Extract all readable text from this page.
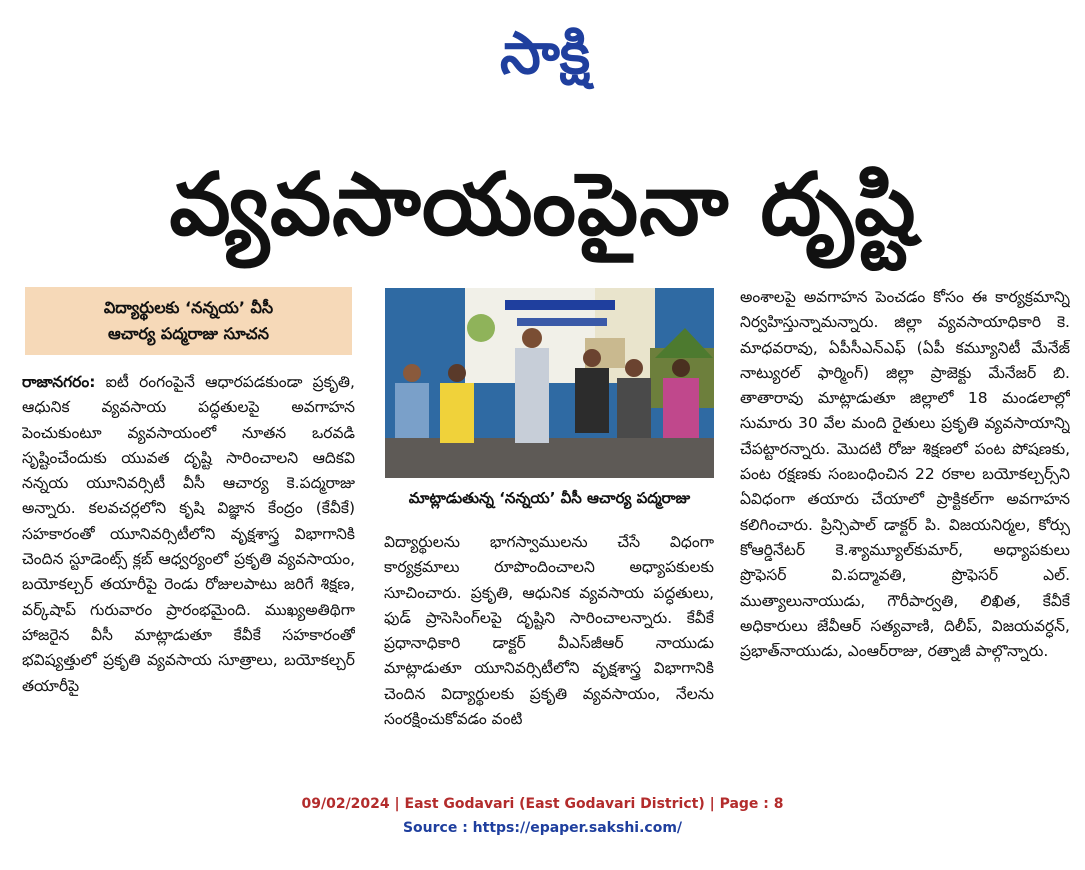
సాక్షి
వ్యవసాయంపైనా దృష్టి
విద్యార్థులకు ‘నన్నయ’ వీసీ
ఆచార్య పద్మరాజు సూచన

రాజానగరం: ఐటీ రంగంపైనే ఆధారపడకుండా ప్రకృతి, ఆధునిక వ్యవసాయ పద్ధతులపై అవగాహన పెంచుకుంటూ వ్యవసాయంలో నూతన ఒరవడి సృష్టించేందుకు యువత దృష్టి సారించాలని ఆదికవి నన్నయ యూనివర్సిటీ వీసీ ఆచార్య కె.పద్మరాజు అన్నారు. కలవచర్లలోని కృషి విజ్ఞాన కేంద్రం (కేవీకే) సహకారంతో యూనివర్సిటీలోని వృక్షశాస్త్ర విభాగానికి చెందిన స్టూడెంట్స్ క్లబ్ ఆధ్వర్యంలో ప్రకృతి వ్యవసాయం, బయోకల్చర్ తయారీపై రెండు రోజులపాటు జరిగే శిక్షణ, వర్క్‌షాప్ గురువారం ప్రారంభమైంది. ముఖ్యఅతిథిగా హాజరైన వీసీ మాట్లాడుతూ కేవీకే సహకారంతో భవిష్యత్తులో ప్రకృతి వ్యవసాయ సూత్రాలు, బయోకల్చర్ తయారీపై

మాట్లాడుతున్న ‘నన్నయ’ వీసీ ఆచార్య పద్మరాజు

విద్యార్థులను భాగస్వాములను చేసే విధంగా కార్యక్రమాలు రూపొందించాలని అధ్యాపకులకు సూచించారు. ప్రకృతి, ఆధునిక వ్యవసాయ పద్ధతులు, ఫుడ్ ప్రాసెసింగ్‌లపై దృష్టిని సారించాలన్నారు. కేవీకే ప్రధానాధికారి డాక్టర్ వీఎస్‌జీఆర్ నాయుడు మాట్లాడుతూ యూనివర్సిటీలోని వృక్షశాస్త్ర విభాగానికి చెందిన విద్యార్థులకు ప్రకృతి వ్యవసాయం, నేలను సంరక్షించుకోవడం వంటి

అంశాలపై అవగాహన పెంచడం కోసం ఈ కార్యక్రమాన్ని నిర్వహిస్తున్నామన్నారు. జిల్లా వ్యవసాయాధికారి కె. మాధవరావు, ఏపీసీఎన్‌ఎఫ్ (ఏపీ కమ్యూనిటీ మేనేజ్ నాట్యురల్ ఫార్మింగ్) జిల్లా ప్రాజెక్టు మేనేజర్ బి. తాతారావు మాట్లాడుతూ జిల్లాలో 18 మండలాల్లో సుమారు 30 వేల మంది రైతులు ప్రకృతి వ్యవసాయాన్ని చేపట్టారన్నారు. మొదటి రోజు శిక్షణలో పంట పోషణకు, పంట రక్షణకు సంబంధించిన 22 రకాల బయోకల్చర్స్‌ని ఏవిధంగా తయారు చేయాలో ప్రాక్టికల్‌గా అవగాహన కలిగించారు. ప్రిన్సిపాల్ డాక్టర్ పి. విజయనిర్మల, కోర్సు కోఆర్డినేటర్ కె.శ్యామ్యూల్‌కుమార్, అధ్యాపకులు ప్రొఫెసర్ వి.పద్మావతి, ప్రొఫెసర్ ఎల్. ముత్యాలునాయుడు, గౌరీపార్వతి, లిఖిత, కేవీకే అధికారులు జేవీఆర్ సత్యవాణి, దిలీప్, విజయవర్ధన్, ప్రభాత్‌నాయుడు, ఎంఆర్‌రాజు, రత్నాజీ పాల్గొన్నారు.

09/02/2024 | East Godavari (East Godavari District) | Page : 8
Source : https://epaper.sakshi.com/
